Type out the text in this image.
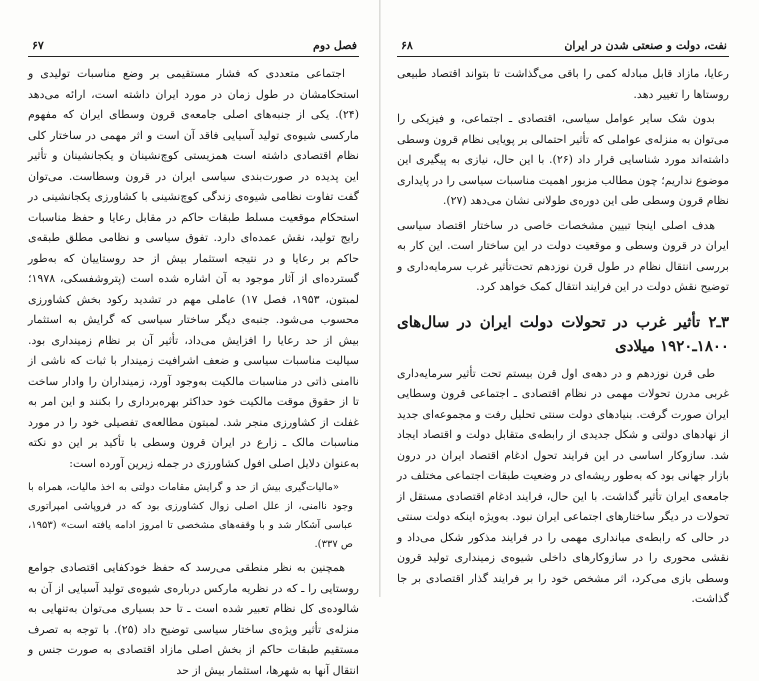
۶۷	فصل دوم

اجتماعی متعددی که فشار مستقیمی بر وضع مناسبات تولیدی و استحکامشان در طول زمان در مورد ایران داشته است، ارائه می‌دهد (۲۴). یکی از جنبه‌های اصلی جامعه‌ی قرون وسطای ایران که مفهوم مارکسی شیوه‌ی تولید آسیایی فاقد آن است و اثر مهمی در ساختار کلی نظام اقتصادی داشته است همزیستی کوچ‌نشینان و یکجانشینان و تأثیر این پدیده در صورت‌بندی سیاسی ایران در قرون وسطاست. می‌توان گفت تفاوت نظامی شیوه‌ی زندگی کوچ‌نشینی با کشاورزی یکجانشینی در استحکام موقعیت مسلط طبقات حاکم در مقابل رعایا و حفظ مناسبات رایج تولید، نقش عمده‌ای دارد. تفوق سیاسی و نظامی مطلق طبقه‌ی حاکم بر رعایا و در نتیجه استثمار بیش از حد روستاییان که به‌طور گسترده‌ای از آثار موجود به آن اشاره شده است (پتروشفسکی، ۱۹۷۸؛ لمبتون، ۱۹۵۳، فصل ۱۷) عاملی مهم در تشدید رکود بخش کشاورزی محسوب می‌شود. جنبه‌ی دیگر ساختار سیاسی که گرایش به استثمار بیش از حد رعایا را افزایش می‌داد، تأثیر آن بر نظام زمینداری بود. سیالیت مناسبات سیاسی و ضعف اشرافیت زمیندار با ثبات که ناشی از ناامنی ذاتی در مناسبات مالکیت به‌وجود آورد، زمینداران را وادار ساخت تا از حقوق موقت مالکیت خود حداکثر بهره‌برداری را بکنند و این امر به غفلت از کشاورزی منجر شد. لمبتون مطالعه‌ی تفصیلی خود را در مورد مناسبات مالک ـ زارع در ایران قرون وسطی با تأکید بر این دو نکته به‌عنوان دلایل اصلی افول کشاورزی در جمله زیرین آورده است:

«مالیات‌گیری بیش از حد و گرایش مقامات دولتی به اخذ مالیات، همراه با وجود ناامنی، از علل اصلی زوال کشاورزی بود که در فروپاشی امپراتوری عباسی آشکار شد و با وقفه‌های مشخصی تا امروز ادامه یافته است» (۱۹۵۳، ص ۳۳۷).

همچنین به نظر منطقی می‌رسد که حفظ خودکفایی اقتصادی جوامع روستایی را ـ که در نظریه مارکس درباره‌ی شیوه‌ی تولید آسیایی از آن به شالوده‌ی کل نظام تعبیر شده است ـ تا حد بسیاری می‌توان به‌تنهایی به منزله‌ی تأثیر ویژه‌ی ساختار سیاسی توضیح داد (۲۵). با توجه به تصرف مستقیم طبقات حاکم از بخش اصلی مازاد اقتصادی به صورت جنس و انتقال آنها به شهرها، استثمار بیش از حد

۶۸	نفت، دولت و صنعتی شدن در ایران

رعایا، مازاد قابل مبادله کمی را باقی می‌گذاشت تا بتواند اقتصاد طبیعی روستاها را تغییر دهد.

بدون شک سایر عوامل سیاسی، اقتصادی ـ اجتماعی، و فیزیکی را می‌توان به منزله‌ی عواملی که تأثیر احتمالی بر پویایی نظام قرون وسطی داشته‌اند مورد شناسایی قرار داد (۲۶). با این حال، نیازی به پیگیری این موضوع نداریم؛ چون مطالب مزبور اهمیت مناسبات سیاسی را در پایداری نظام قرون وسطی طی این دوره‌ی طولانی نشان می‌دهد (۲۷).

هدف اصلی اینجا تبیین مشخصات خاصی در ساختار اقتصاد سیاسی ایران در قرون وسطی و موقعیت دولت در این ساختار است. این کار به بررسی انتقال نظام در طول قرن نوزدهم تحت‌تأثیر غرب سرمایه‌داری و توضیح نقش دولت در این فرایند انتقال کمک خواهد کرد.

۳ـ۲ تأثیر غرب در تحولات دولت ایران در سال‌های ۱۸۰۰ـ۱۹۲۰ میلادی

طی قرن نوزدهم و در دهه‌ی اول قرن بیستم تحت تأثیر سرمایه‌داری غربی مدرن تحولات مهمی در نظام اقتصادی ـ اجتماعی قرون وسطایی ایران صورت گرفت. بنیادهای دولت سنتی تحلیل رفت و مجموعه‌ای جدید از نهادهای دولتی و شکل جدیدی از رابطه‌ی متقابل دولت و اقتصاد ایجاد شد. سازوکار اساسی در این فرایند تحول ادغام اقتصاد ایران در درون بازار جهانی بود که به‌طور ریشه‌ای در وضعیت طبقات اجتماعی مختلف در جامعه‌ی ایران تأثیر گذاشت. با این حال، فرایند ادغام اقتصادی مستقل از تحولات در دیگر ساختارهای اجتماعی ایران نبود. به‌ویژه اینکه دولت سنتی در حالی که رابطه‌ی میانداری مهمی را در فرایند مذکور شکل می‌داد و نقشی محوری را در سازوکارهای داخلی شیوه‌ی زمینداری تولید قرون وسطی بازی می‌کرد، اثر مشخص خود را بر فرایند گذار اقتصادی بر جا گذاشت.
